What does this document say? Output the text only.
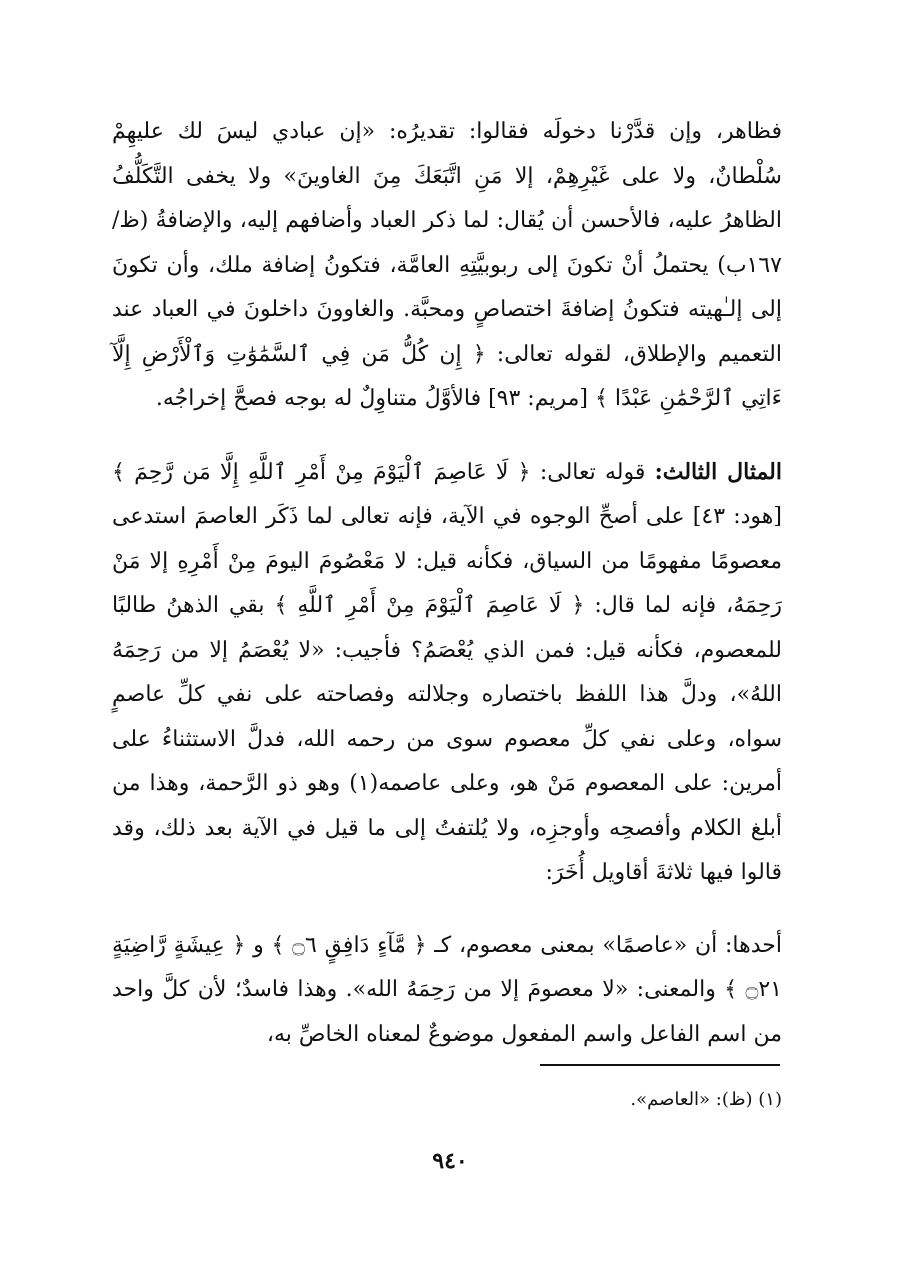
فظاهر، وإن قدَّرْنا دخولَه فقالوا: تقديرُه: «إن عبادي ليسَ لك عليهِمْ سُلْطانٌ، ولا على غَيْرِهِمْ، إلا مَنِ اتَّبَعَكَ مِنَ الغاوينَ» ولا يخفى التَّكَلُّفُ الظاهرُ عليه، فالأحسن أن يُقال: لما ذكر العباد وأضافهم إليه، والإضافةُ (ظ/١٦٧ب) يحتملُ أنْ تكونَ إلى ربوبيَّتِهِ العامَّة، فتكونُ إضافة ملك، وأن تكونَ إلى إلـٰهيته فتكونُ إضافةَ اختصاصٍ ومحبَّة. والغاوونَ داخلونَ في العباد عند التعميم والإطلاق، لقوله تعالى: ﴿ إِن كُلُّ مَن فِي ٱلسَّمَٰوَٰتِ وَٱلْأَرْضِ إِلَّآ ءَاتِي ٱلرَّحْمَٰنِ عَبْدًا ﴾ [مريم: ٩٣] فالأوَّلُ متناوِلٌ له بوجه فصحَّ إخراجُه.

المثال الثالث: قوله تعالى: ﴿ لَا عَاصِمَ ٱلْيَوْمَ مِنْ أَمْرِ ٱللَّهِ إِلَّا مَن رَّحِمَ ﴾ [هود: ٤٣] على أصحِّ الوجوه في الآية، فإنه تعالى لما ذَكَر العاصمَ استدعى معصومًا مفهومًا من السياق، فكأنه قيل: لا مَعْصُومَ اليومَ مِنْ أَمْرِهِ إلا مَنْ رَحِمَهُ، فإنه لما قال: ﴿ لَا عَاصِمَ ٱلْيَوْمَ مِنْ أَمْرِ ٱللَّهِ ﴾ بقي الذهنُ طالبًا للمعصوم، فكأنه قيل: فمن الذي يُعْصَمُ؟ فأجيب: «لا يُعْصَمُ إلا من رَحِمَهُ اللهُ»، ودلَّ هذا اللفظ باختصاره وجلالته وفصاحته على نفي كلِّ عاصمٍ سواه، وعلى نفي كلِّ معصوم سوى من رحمه الله، فدلَّ الاستثناءُ على أمرين: على المعصوم مَنْ هو، وعلى عاصمه(١) وهو ذو الرَّحمة، وهذا من أبلغ الكلام وأفصحِه وأوجزِه، ولا يُلتفتُ إلى ما قيل في الآية بعد ذلك، وقد قالوا فيها ثلاثةَ أقاويل أُخَرَ:

أحدها: أن «عاصمًا» بمعنى معصوم، كـ ﴿ مَّآءٍ دَافِقٍ ۝٦ ﴾ و ﴿ عِيشَةٍ رَّاضِيَةٍ ۝٢١ ﴾ والمعنى: «لا معصومَ إلا من رَحِمَهُ الله». وهذا فاسدٌ؛ لأن كلَّ واحد من اسم الفاعل واسم المفعول موضوعٌ لمعناه الخاصِّ به،

(١) (ظ): «العاصم».
٩٤٠
